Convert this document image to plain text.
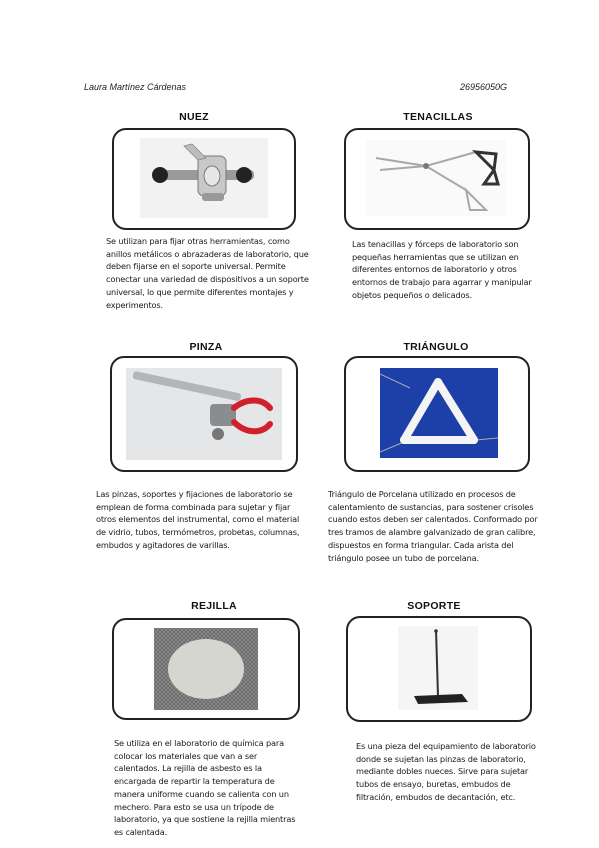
Laura Martínez Cárdenas	26956050G
NUEZ

Se utilizan para fijar otras herramientas, como anillos metálicos o abrazaderas de laboratorio, que deben fijarse en el soporte universal. Permite conectar una variedad de dispositivos a un soporte universal, lo que permite diferentes montajes y experimentos.

TENACILLAS

Las tenacillas y fórceps de laboratorio son pequeñas herramientas que se utilizan en diferentes entornos de laboratorio y otros entornos de trabajo para agarrar y manipular objetos pequeños o delicados.

PINZA

Las pinzas, soportes y fijaciones de laboratorio se emplean de forma combinada para sujetar y fijar otros elementos del instrumental, como el material de vidrio, tubos, termómetros, probetas, columnas, embudos y agitadores de varillas.

TRIÁNGULO

Triángulo de Porcelana utilizado en procesos de calentamiento de sustancias, para sostener crisoles cuando estos deben ser calentados. Conformado por tres tramos de alambre galvanizado de gran calibre, dispuestos en forma triangular. Cada arista del triángulo posee un tubo de porcelana.

REJILLA

Se utiliza en el laboratorio de química para colocar los materiales que van a ser calentados. La rejilla de asbesto es la encargada de repartir la temperatura de manera uniforme cuando se calienta con un mechero. Para esto se usa un trípode de laboratorio, ya que sostiene la rejilla mientras es calentada.

SOPORTE

Es una pieza del equipamiento de laboratorio donde se sujetan las pinzas de laboratorio, mediante dobles nueces. Sirve para sujetar tubos de ensayo, buretas, embudos de filtración, embudos de decantación, etc.
